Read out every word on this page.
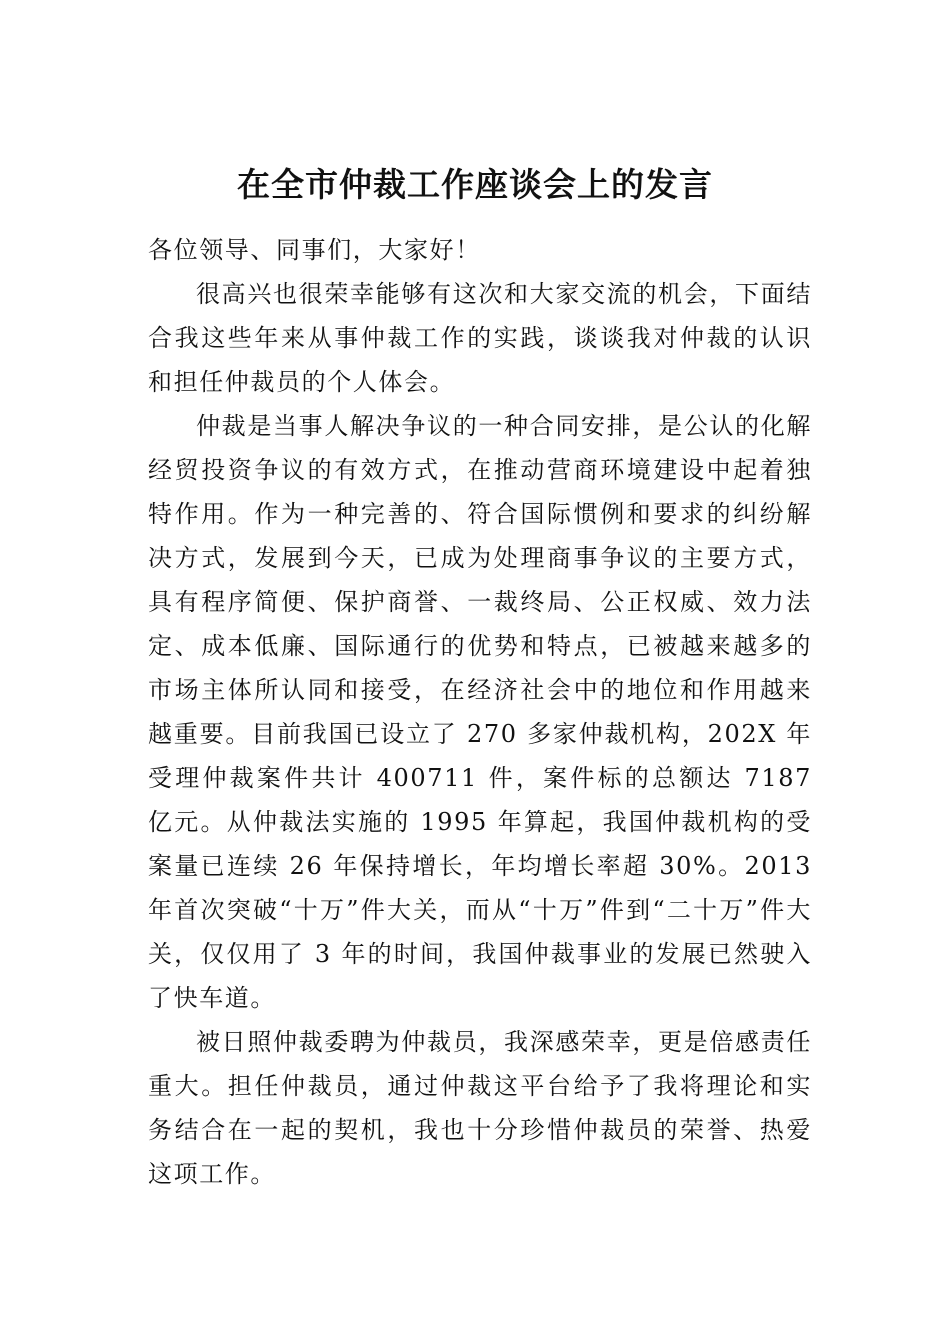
在全市仲裁工作座谈会上的发言

各位领导、同事们，大家好！

很高兴也很荣幸能够有这次和大家交流的机会，下面结合我这些年来从事仲裁工作的实践，谈谈我对仲裁的认识和担任仲裁员的个人体会。

仲裁是当事人解决争议的一种合同安排，是公认的化解经贸投资争议的有效方式，在推动营商环境建设中起着独特作用。作为一种完善的、符合国际惯例和要求的纠纷解决方式，发展到今天，已成为处理商事争议的主要方式，具有程序简便、保护商誉、一裁终局、公正权威、效力法定、成本低廉、国际通行的优势和特点，已被越来越多的市场主体所认同和接受，在经济社会中的地位和作用越来越重要。目前我国已设立了 270 多家仲裁机构，202X 年受理仲裁案件共计 400711 件，案件标的总额达 7187 亿元。从仲裁法实施的 1995 年算起，我国仲裁机构的受案量已连续 26 年保持增长，年均增长率超 30%。2013 年首次突破“十万”件大关，而从“十万”件到“二十万”件大关，仅仅用了 3 年的时间，我国仲裁事业的发展已然驶入了快车道。

被日照仲裁委聘为仲裁员，我深感荣幸，更是倍感责任重大。担任仲裁员，通过仲裁这平台给予了我将理论和实务结合在一起的契机，我也十分珍惜仲裁员的荣誉、热爱这项工作。
